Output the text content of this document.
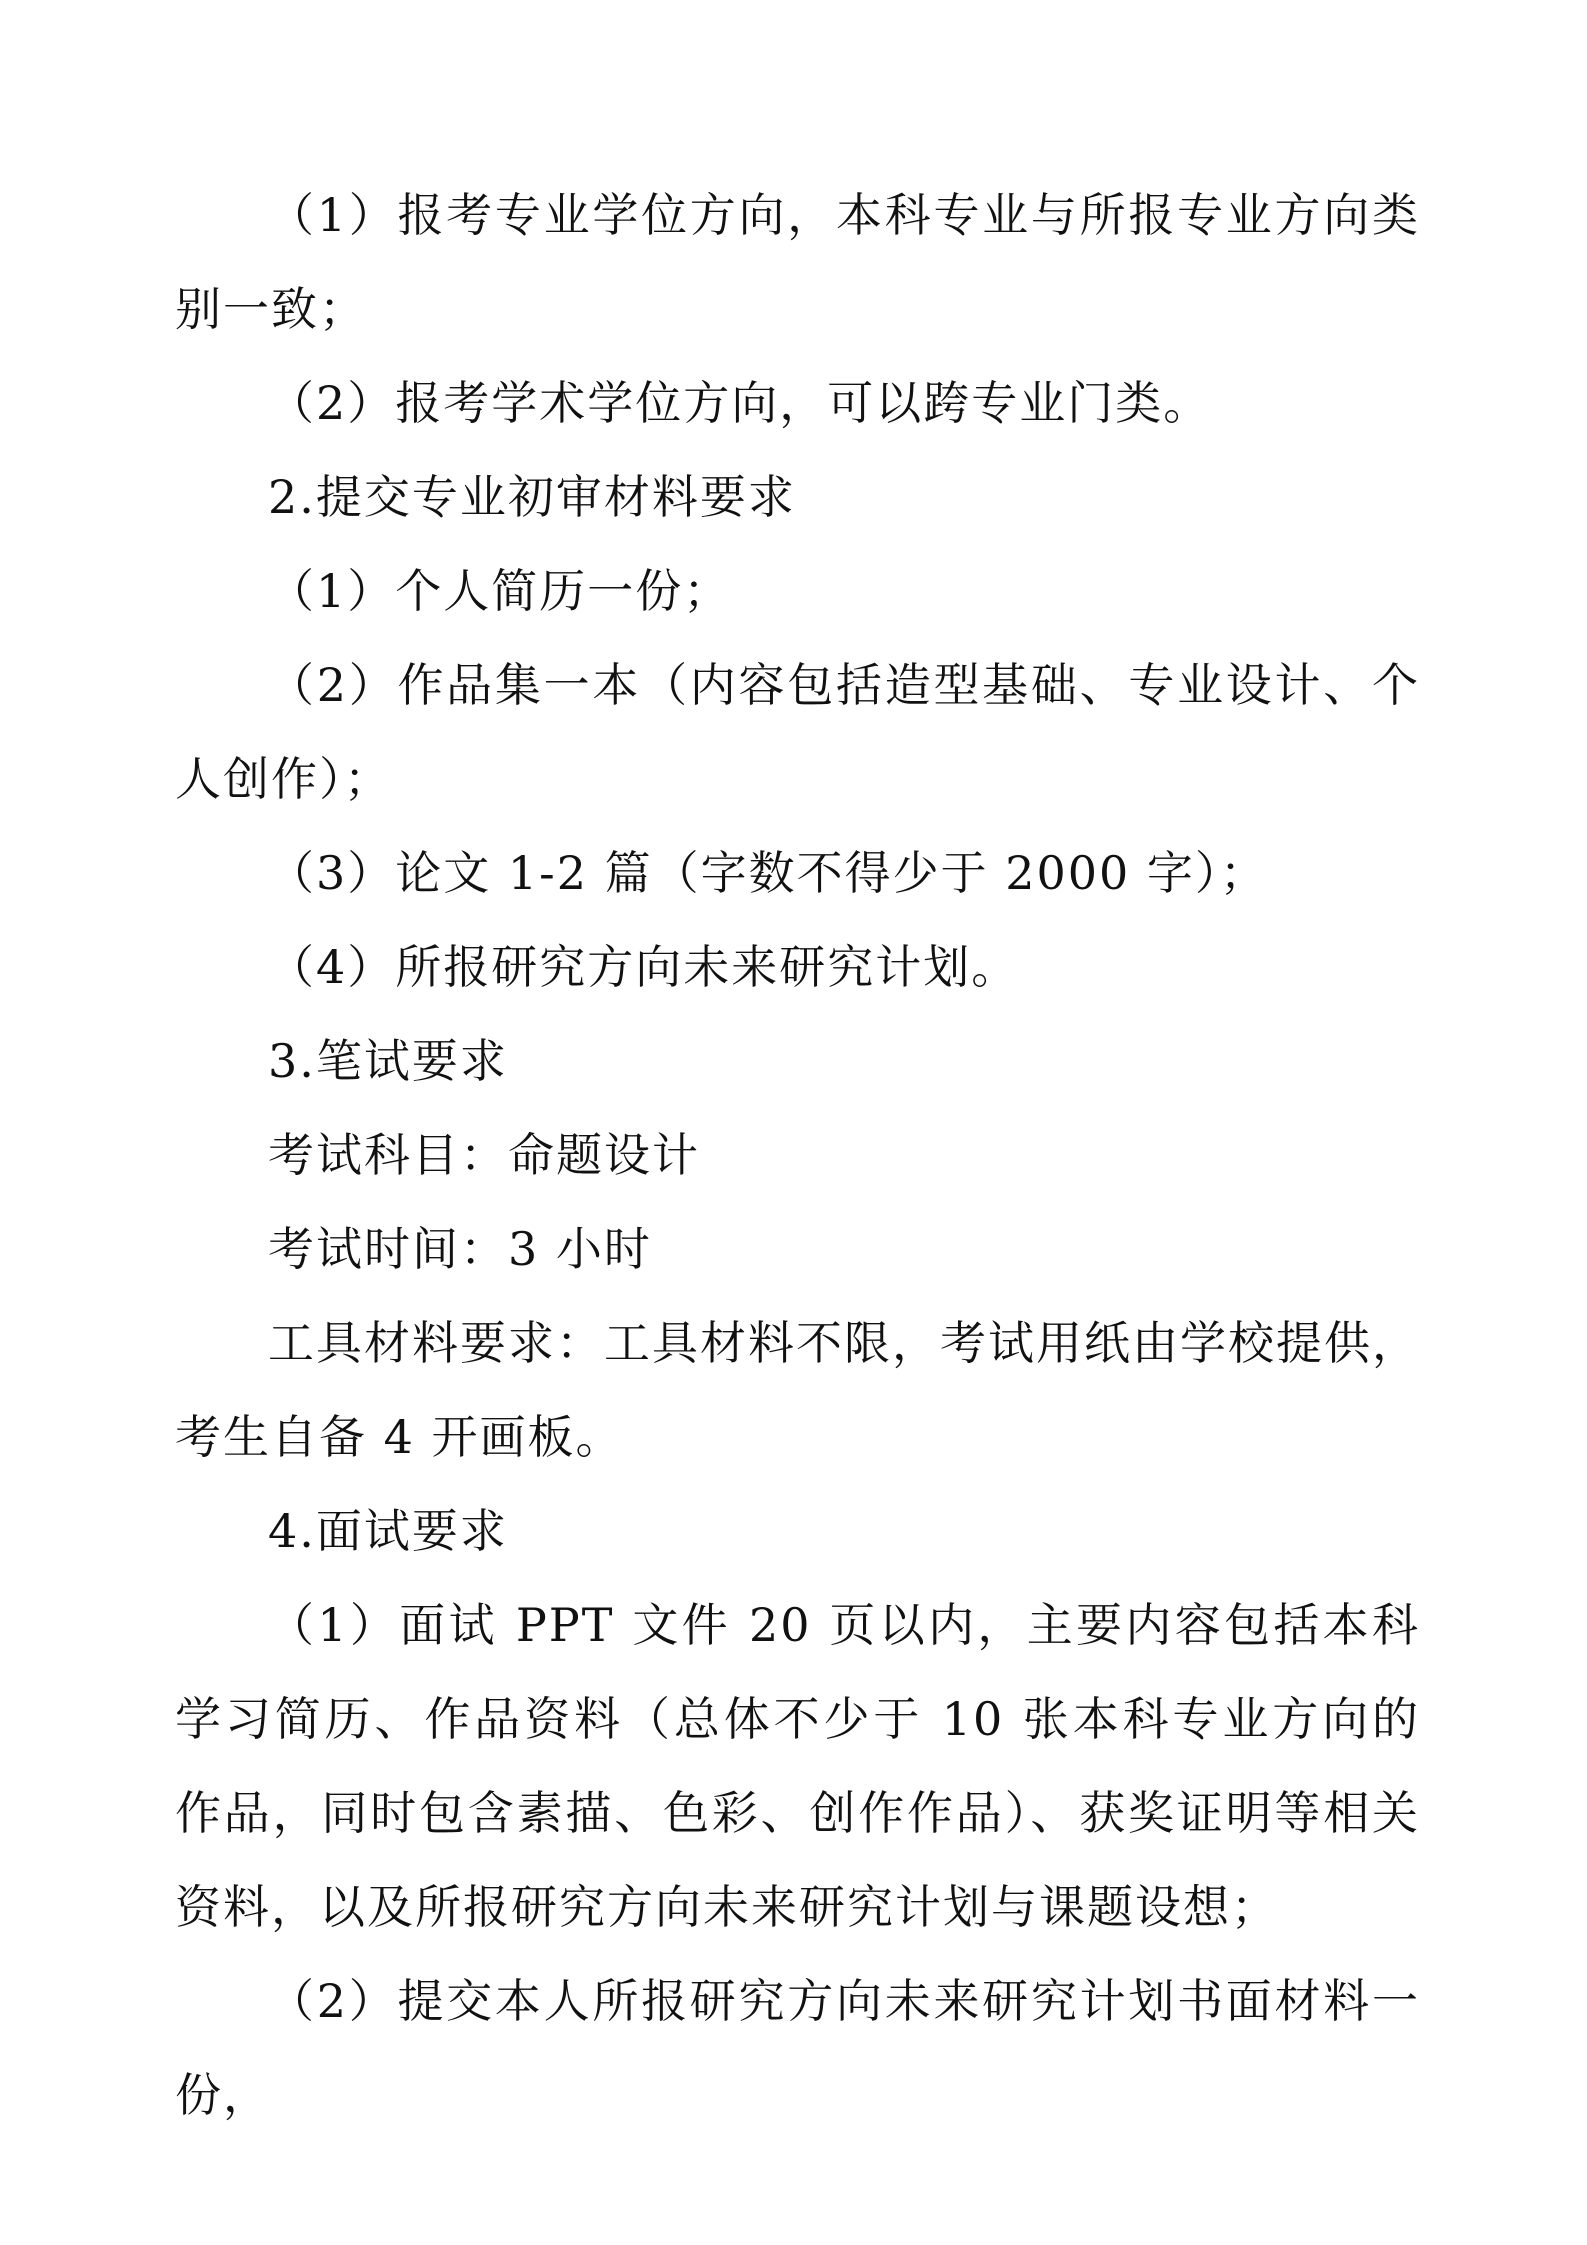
（1）报考专业学位方向，本科专业与所报专业方向类别一致；

（2）报考学术学位方向，可以跨专业门类。

2.提交专业初审材料要求

（1）个人简历一份；

（2）作品集一本（内容包括造型基础、专业设计、个人创作）；

（3）论文 1-2 篇（字数不得少于 2000 字）；

（4）所报研究方向未来研究计划。

3.笔试要求

考试科目：命题设计

考试时间：3 小时

工具材料要求：工具材料不限，考试用纸由学校提供，考生自备 4 开画板。

4.面试要求

（1）面试 PPT 文件 20 页以内，主要内容包括本科学习简历、作品资料（总体不少于 10 张本科专业方向的作品，同时包含素描、色彩、创作作品）、获奖证明等相关资料，以及所报研究方向未来研究计划与课题设想；

（2）提交本人所报研究方向未来研究计划书面材料一份，
